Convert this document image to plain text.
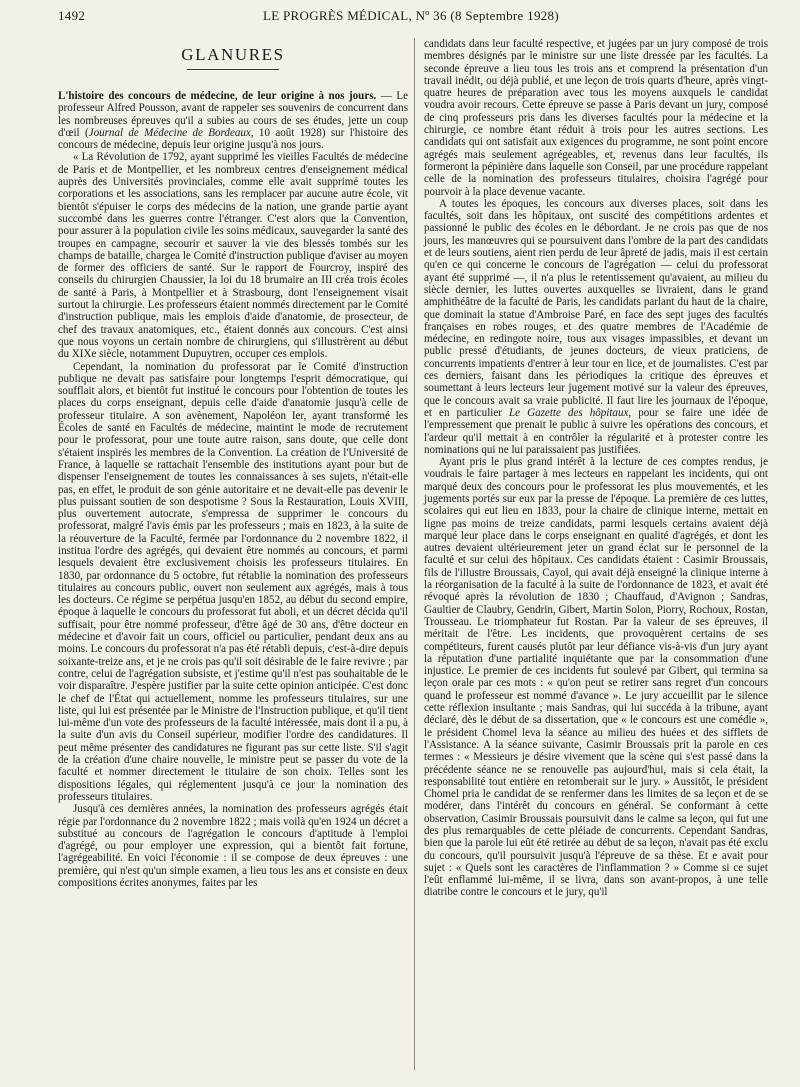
1492	LE PROGRÈS MÉDICAL, Nº 36 (8 Septembre 1928)
GLANURES

L'histoire des concours de médecine, de leur origine à nos jours. — Le professeur Alfred Pousson, avant de rappeler ses souvenirs de concurrent dans les nombreuses épreuves qu'il a subies au cours de ses études, jette un coup d'œil (Journal de Médecine de Bordeaux, 10 août 1928) sur l'histoire des concours de médecine, depuis leur origine jusqu'à nos jours.

« La Révolution de 1792, ayant supprimé les vieilles Facultés de médecine de Paris et de Montpellier, et les nombreux centres d'enseignement médical auprès des Universités provinciales, comme elle avait supprimé toutes les corporations et les associations, sans les remplacer par aucune autre école, vit bientôt s'épuiser le corps des médecins de la nation, une grande partie ayant succombé dans les guerres contre l'étranger. C'est alors que la Convention, pour assurer à la population civile les soins médicaux, sauvegarder la santé des troupes en campagne, secourir et sauver la vie des blessés tombés sur les champs de bataille, chargea le Comité d'instruction publique d'aviser au moyen de former des officiers de santé. Sur le rapport de Fourcroy, inspiré des conseils du chirurgien Chaussier, la loi du 18 brumaire an III créa trois écoles de santé à Paris, à Montpellier et à Strasbourg, dont l'enseignement visait surtout la chirurgie. Les professeurs étaient nommés directement par le Comité d'instruction publique, mais les emplois d'aide d'anatomie, de prosecteur, de chef des travaux anatomiques, etc., étaient donnés aux concours. C'est ainsi que nous voyons un certain nombre de chirurgiens, qui s'illustrèrent au début du XIXe siècle, notamment Dupuytren, occuper ces emplois.

Cependant, la nomination du professorat par le Comité d'instruction publique ne devait pas satisfaire pour longtemps l'esprit démocratique, qui soufflait alors, et bientôt fut institué le concours pour l'obtention de toutes les places du corps enseignant, depuis celle d'aide d'anatomie jusqu'à celle de professeur titulaire. A son avènement, Napoléon Ier, ayant transformé les Écoles de santé en Facultés de médecine, maintint le mode de recrutement pour le professorat, pour une toute autre raison, sans doute, que celle dont s'étaient inspirés les membres de la Convention. La création de l'Université de France, à laquelle se rattachait l'ensemble des institutions ayant pour but de dispenser l'enseignement de toutes les connaissances à ses sujets, n'était-elle pas, en effet, le produit de son génie autoritaire et ne devait-elle pas devenir le plus puissant soutien de son despotisme ? Sous la Restauration, Louis XVIII, plus ouvertement autocrate, s'empressa de supprimer le concours du professorat, malgré l'avis émis par les professeurs ; mais en 1823, à la suite de la réouverture de la Faculté, fermée par l'ordonnance du 2 novembre 1822, il institua l'ordre des agrégés, qui devaient être nommés au concours, et parmi lesquels devaient être exclusivement choisis les professeurs titulaires. En 1830, par ordonnance du 5 octobre, fut rétablie la nomination des professeurs titulaires au concours public, ouvert non seulement aux agrégés, mais à tous les docteurs. Ce régime se perpétua jusqu'en 1852, au début du second empire, époque à laquelle le concours du professorat fut aboli, et un décret décida qu'il suffisait, pour être nommé professeur, d'être âgé de 30 ans, d'être docteur en médecine et d'avoir fait un cours, officiel ou particulier, pendant deux ans au moins. Le concours du professorat n'a pas été rétabli depuis, c'est-à-dire depuis soixante-treize ans, et je ne crois pas qu'il soit désirable de le faire revivre ; par contre, celui de l'agrégation subsiste, et j'estime qu'il n'est pas souhaitable de le voir disparaître. J'espère justifier par la suite cette opinion anticipée. C'est donc le chef de l'État qui actuellement, nomme les professeurs titulaires, sur une liste, qui lui est présentée par le Ministre de l'Instruction publique, et qu'il tient lui-même d'un vote des professeurs de la faculté intéressée, mais dont il a pu, à la suite d'un avis du Conseil supérieur, modifier l'ordre des candidatures. Il peut même présenter des candidatures ne figurant pas sur cette liste. S'il s'agit de la création d'une chaire nouvelle, le ministre peut se passer du vote de la faculté et nommer directement le titulaire de son choix. Telles sont les dispositions légales, qui réglementent jusqu'à ce jour la nomination des professeurs titulaires.

Jusqu'à ces dernières années, la nomination des professeurs agrégés était régie par l'ordonnance du 2 novembre 1822 ; mais voilà qu'en 1924 un décret a substitué au concours de l'agrégation le concours d'aptitude à l'emploi d'agrégé, ou pour employer une expression, qui a bientôt fait fortune, l'agrégeabilité. En voici l'économie : il se compose de deux épreuves : une première, qui n'est qu'un simple examen, a lieu tous les ans et consiste en deux compositions écrites anonymes, faites par les

candidats dans leur faculté respective, et jugées par un jury composé de trois membres désignés par le ministre sur une liste dressée par les facultés. La seconde épreuve a lieu tous les trois ans et comprend la présentation d'un travail inédit, ou déjà publié, et une leçon de trois quarts d'heure, après vingt-quatre heures de préparation avec tous les moyens auxquels le candidat voudra avoir recours. Cette épreuve se passe à Paris devant un jury, composé de cinq professeurs pris dans les diverses facultés pour la médecine et la chirurgie, ce nombre étant réduit à trois pour les autres sections. Les candidats qui ont satisfait aux exigences du programme, ne sont point encore agrégés mais seulement agrégeables, et, revenus dans leur facultés, ils formeront la pépinière dans laquelle son Conseil, par une procédure rappelant celle de la nomination des professeurs titulaires, choisira l'agrégé pour pourvoir à la place devenue vacante.

A toutes les époques, les concours aux diverses places, soit dans les facultés, soit dans les hôpitaux, ont suscité des compétitions ardentes et passionné le public des écoles en le débordant. Je ne crois pas que de nos jours, les manœuvres qui se poursuivent dans l'ombre de la part des candidats et de leurs soutiens, aient rien perdu de leur âpreté de jadis, mais il est certain qu'en ce qui concerne le concours de l'agrégation — celui du professorat ayant été supprimé —, il n'a plus le retentissement qu'avaient, au milieu du siècle dernier, les luttes ouvertes auxquelles se livraient, dans le grand amphithéâtre de la faculté de Paris, les candidats parlant du haut de la chaire, que dominait la statue d'Ambroise Paré, en face des sept juges des facultés françaises en robes rouges, et des quatre membres de l'Académie de médecine, en redingote noire, tous aux visages impassibles, et devant un public pressé d'étudiants, de jeunes docteurs, de vieux praticiens, de concurrents impatients d'entrer à leur tour en lice, et de journalistes. C'est par ces derniers, faisant dans les périodiques la critique des épreuves et soumettant à leurs lecteurs leur jugement motivé sur la valeur des épreuves, que le concours avait sa vraie publicité. Il faut lire les journaux de l'époque, et en particulier Le Gazette des hôpitaux, pour se faire une idée de l'empressement que prenait le public à suivre les opérations des concours, et l'ardeur qu'il mettait à en contrôler la régularité et à protester contre les nominations qui ne lui paraissaient pas justifiées.

Ayant pris le plus grand intérêt à la lecture de ces comptes rendus, je voudrais le faire partager à mes lecteurs en rappelant les incidents, qui ont marqué deux des concours pour le professorat les plus mouvementés, et les jugements portés sur eux par la presse de l'époque. La première de ces luttes, scolaires qui eut lieu en 1833, pour la chaire de clinique interne, mettait en ligne pas moins de treize candidats, parmi lesquels certains avaient déjà marqué leur place dans le corps enseignant en qualité d'agrégés, et dont les autres devaient ultérieurement jeter un grand éclat sur le personnel de la faculté et sur celui des hôpitaux. Ces candidats étaient : Casimir Broussais, fils de l'illustre Broussais, Cayol, qui avait déjà enseigné la clinique interne à la réorganisation de la faculté à la suite de l'ordonnance de 1823, et avait été révoqué après la révolution de 1830 ; Chauffaud, d'Avignon ; Sandras, Gaultier de Claubry, Gendrin, Gibert, Martin Solon, Piorry, Rochoux, Rostan, Trousseau. Le triomphateur fut Rostan. Par la valeur de ses épreuves, il méritait de l'être. Les incidents, que provoquèrent certains de ses compétiteurs, furent causés plutôt par leur défiance vis-à-vis d'un jury ayant la réputation d'une partialité inquiétante que par la consommation d'une injustice. Le premier de ces incidents fut soulevé par Gibert, qui termina sa leçon orale par ces mots : « qu'on peut se retirer sans regret d'un concours quand le professeur est nommé d'avance ». Le jury accueillit par le silence cette réflexion insultante ; mais Sandras, qui lui succéda à la tribune, ayant déclaré, dès le début de sa dissertation, que « le concours est une comédie », le président Chomel leva la séance au milieu des huées et des sifflets de l'Assistance. A la séance suivante, Casimir Broussais prit la parole en ces termes : « Messieurs je désire vivement que la scène qui s'est passé dans la précédente séance ne se renouvelle pas aujourd'hui, mais si cela était, la responsabilité tout entière en retomberait sur le jury. » Aussitôt, le président Chomel pria le candidat de se renfermer dans les limites de sa leçon et de se modérer, dans l'intérêt du concours en général. Se conformant à cette observation, Casimir Broussais poursuivit dans le calme sa leçon, qui fut une des plus remarquables de cette pléiade de concurrents. Cependant Sandras, bien que la parole lui eût été retirée au début de sa leçon, n'avait pas été exclu du concours, qu'il poursuivit jusqu'à l'épreuve de sa thèse. Et e avait pour sujet : « Quels sont les caractères de l'inflammation ? » Comme si ce sujet l'eût enflammé lui-même, il se livra, dans son avant-propos, à une telle diatribe contre le concours et le jury, qu'il
